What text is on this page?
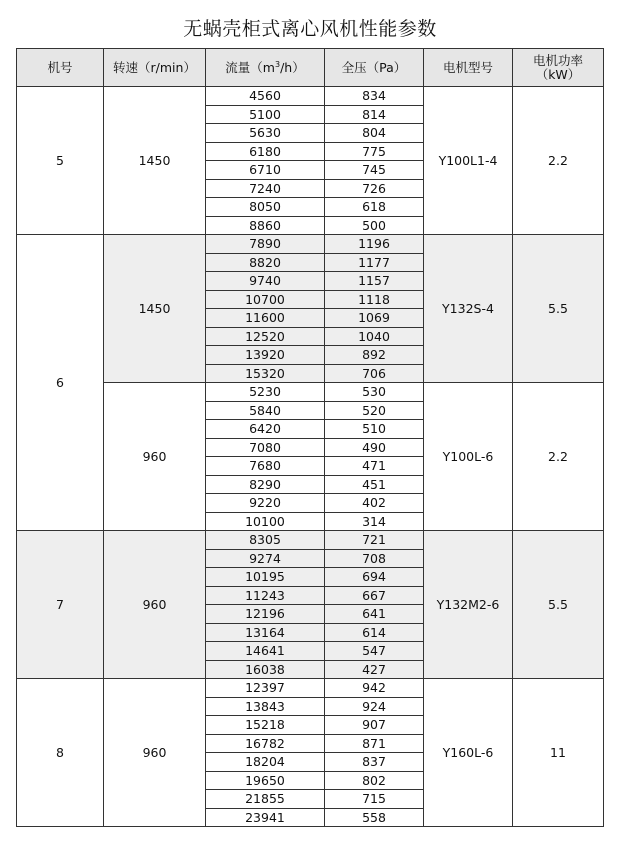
无蜗壳柜式离心风机性能参数
机号	转速（r/min）	流量$(m^3/h)$	全压（Pa）	电机型号	电机功率
（kW）
5	1450	4560	834	Y100L1-4	2.2
		5100	814		
		5630	804		
		6180	775		
		6710	745		
		7240	726		
		8050	618		
		8860	500		
6	1450	7890	1196	Y132S-4	5.5
		8820	1177		
		9740	1157		
		10700	1118		
		11600	1069		
		12520	1040		
		13920	892		
		15320	706		
	960	5230	530	Y100L-6	2.2
		5840	520		
		6420	510		
		7080	490		
		7680	471		
		8290	451		
		9220	402		
		10100	314		
7	960	8305	721	Y132M2-6	5.5
		9274	708		
		10195	694		
		11243	667		
		12196	641		
		13164	614		
		14641	547		
		16038	427		
8	960	12397	942	Y160L-6	11
		13843	924		
		15218	907		
		16782	871		
		18204	837		
		19650	802		
		21855	715		
		23941	558		
